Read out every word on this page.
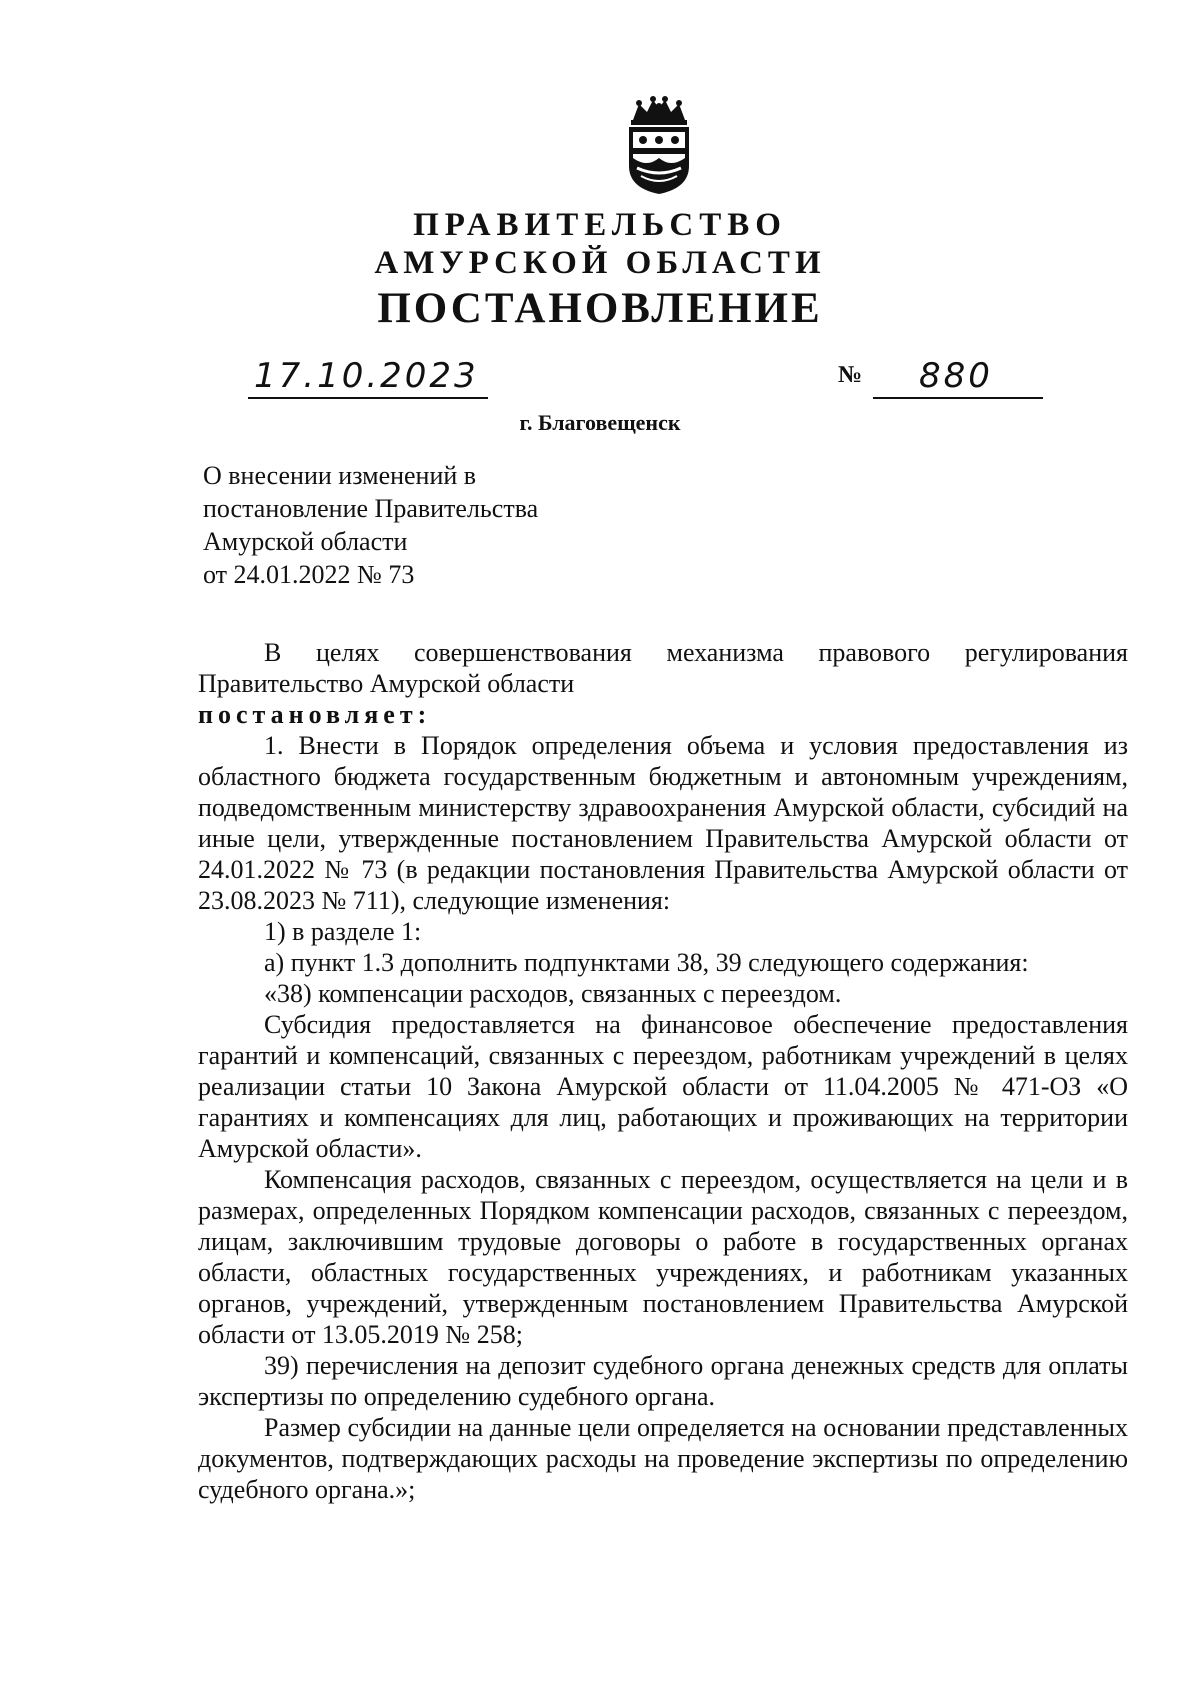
ПРАВИТЕЛЬСТВО
АМУРСКОЙ ОБЛАСТИ
ПОСТАНОВЛЕНИЕ
17.10.2023	№ 880
г. Благовещенск
О внесении изменений в
постановление Правительства
Амурской области
от 24.01.2022 № 73

В целях совершенствования механизма правового регулирования Правительство Амурской области

постановляет:

1. Внести в Порядок определения объема и условия предоставления из областного бюджета государственным бюджетным и автономным учреждениям, подведомственным министерству здравоохранения Амурской области, субсидий на иные цели, утвержденные постановлением Правительства Амурской области от 24.01.2022 № 73 (в редакции постановления Правительства Амурской области от 23.08.2023 № 711), следующие изменения:

1) в разделе 1:

а) пункт 1.3 дополнить подпунктами 38, 39 следующего содержания:

«38) компенсации расходов, связанных с переездом.

Субсидия предоставляется на финансовое обеспечение предоставления гарантий и компенсаций, связанных с переездом, работникам учреждений в целях реализации статьи 10 Закона Амурской области от 11.04.2005 № 471-ОЗ «О гарантиях и компенсациях для лиц, работающих и проживающих на территории Амурской области».

Компенсация расходов, связанных с переездом, осуществляется на цели и в размерах, определенных Порядком компенсации расходов, связанных с переездом, лицам, заключившим трудовые договоры о работе в государственных органах области, областных государственных учреждениях, и работникам указанных органов, учреждений, утвержденным постановлением Правительства Амурской области от 13.05.2019 № 258;

39) перечисления на депозит судебного органа денежных средств для оплаты экспертизы по определению судебного органа.

Размер субсидии на данные цели определяется на основании представленных документов, подтверждающих расходы на проведение экспертизы по определению судебного органа.»;
